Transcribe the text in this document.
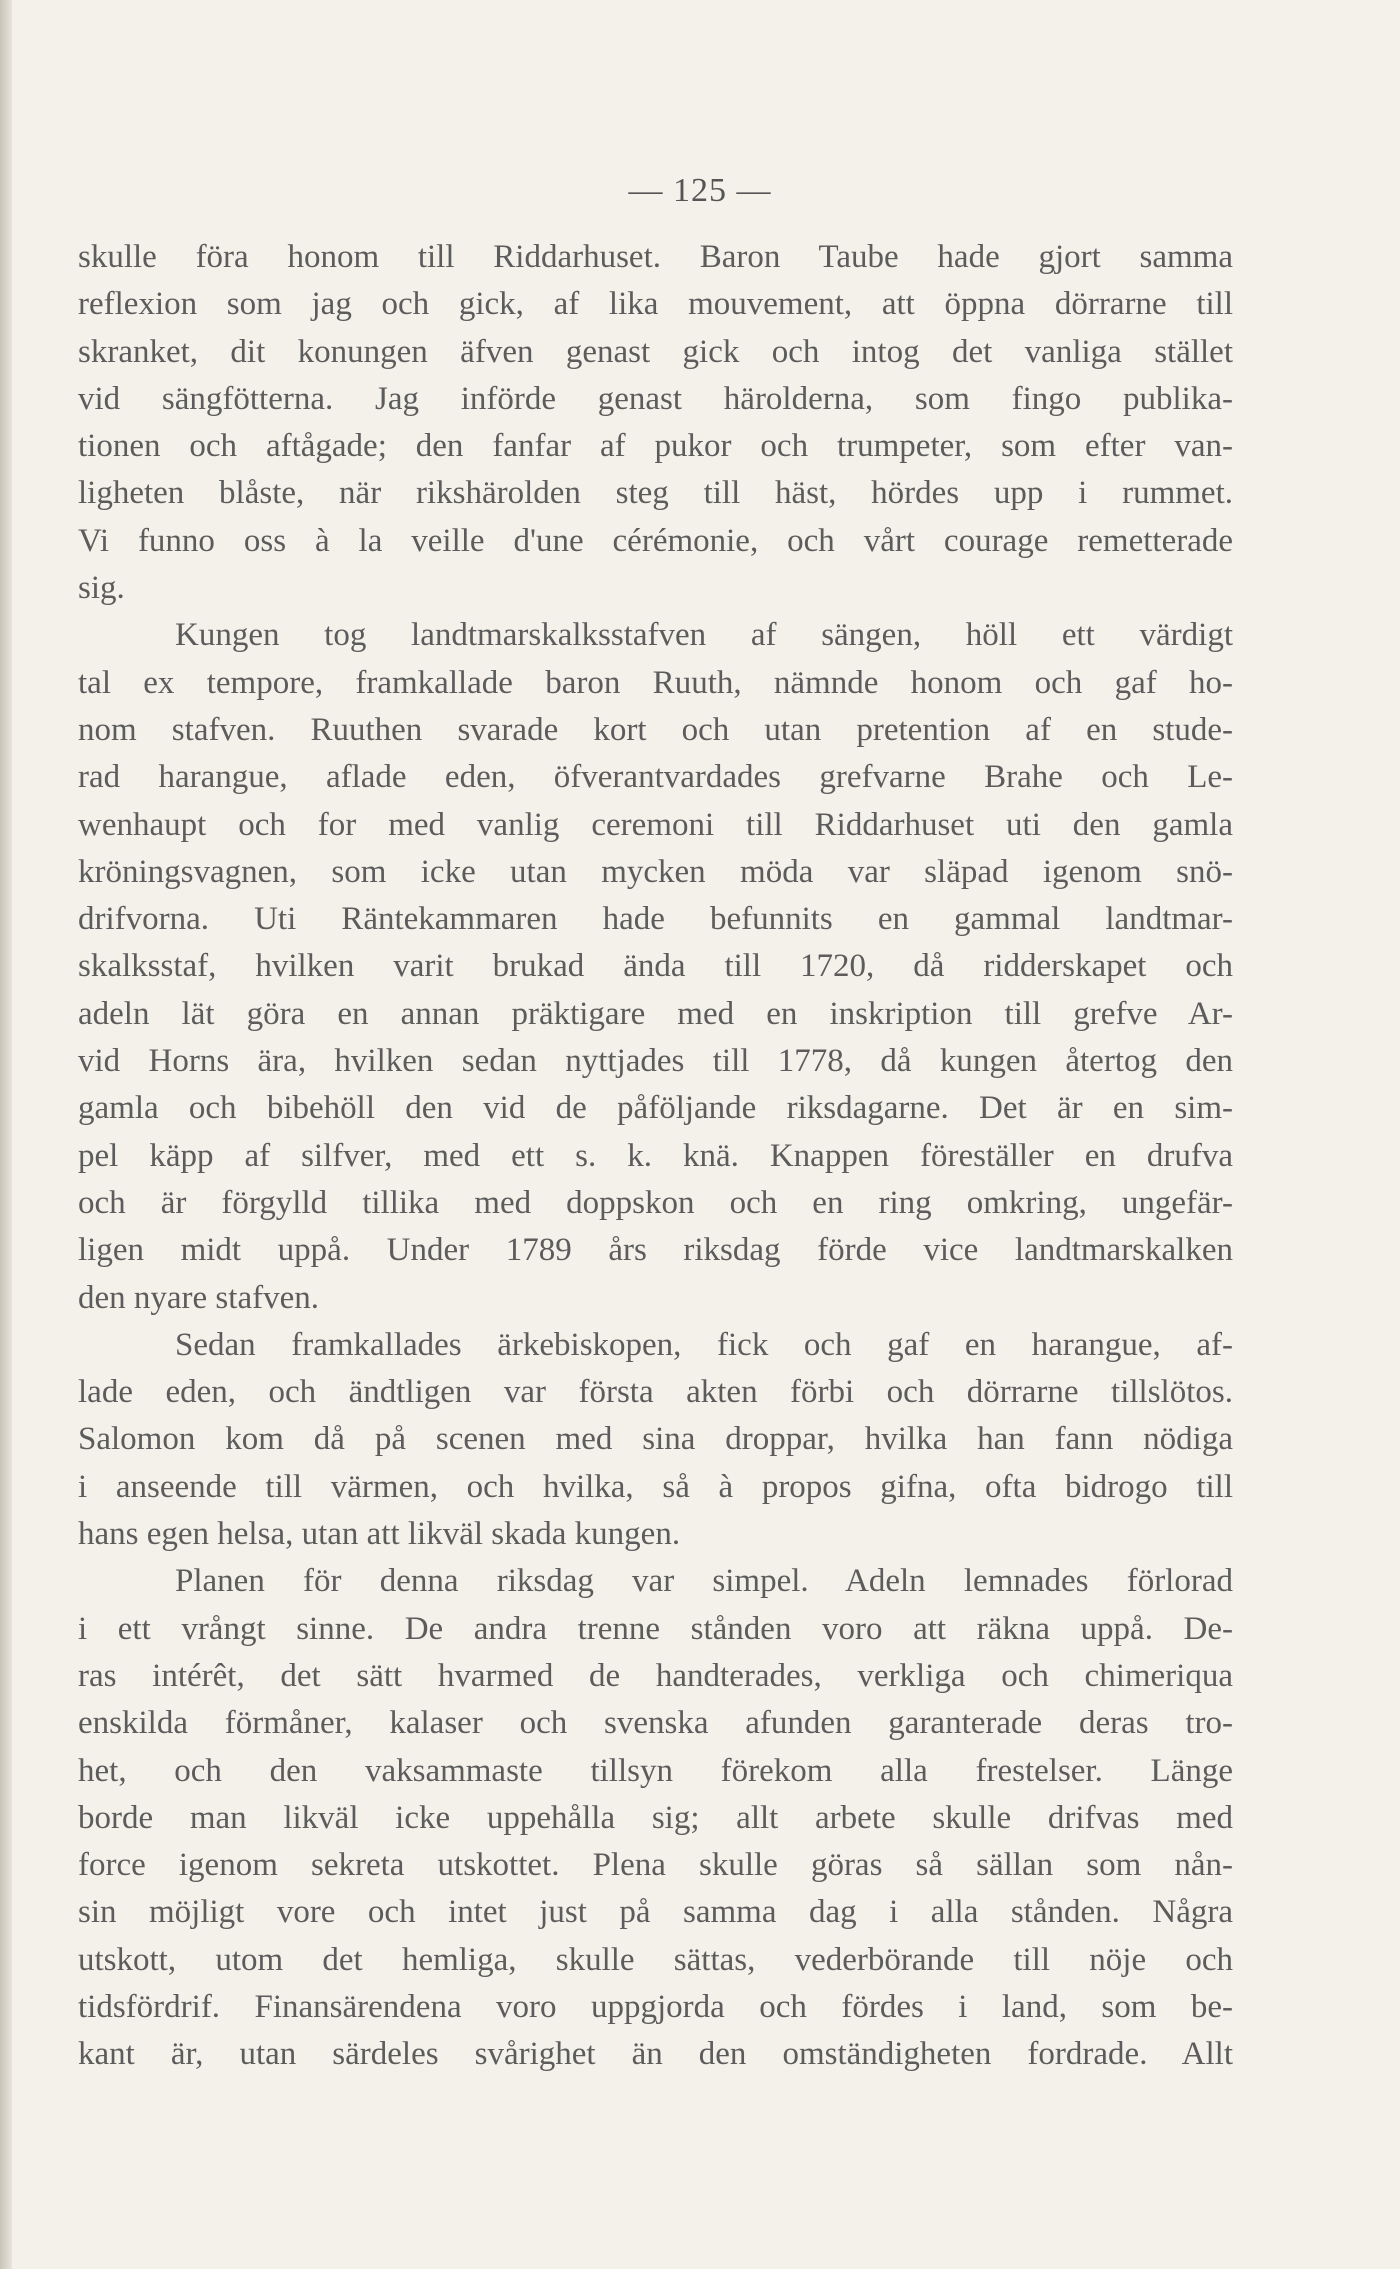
— 125 —
skulle föra honom till Riddarhuset. Baron Taube hade gjort samma
reflexion som jag och gick, af lika mouvement, att öppna dörrarne till
skranket, dit konungen äfven genast gick och intog det vanliga stället
vid sängfötterna. Jag införde genast härolderna, som fingo publika-
tionen och aftågade; den fanfar af pukor och trumpeter, som efter van-
ligheten blåste, när rikshärolden steg till häst, hördes upp i rummet.
Vi funno oss à la veille d'une cérémonie, och vårt courage remetterade
sig.
Kungen tog landtmarskalksstafven af sängen, höll ett värdigt
tal ex tempore, framkallade baron Ruuth, nämnde honom och gaf ho-
nom stafven. Ruuthen svarade kort och utan pretention af en stude-
rad harangue, aflade eden, öfverantvardades grefvarne Brahe och Le-
wenhaupt och for med vanlig ceremoni till Riddarhuset uti den gamla
kröningsvagnen, som icke utan mycken möda var släpad igenom snö-
drifvorna. Uti Räntekammaren hade befunnits en gammal landtmar-
skalksstaf, hvilken varit brukad ända till 1720, då ridderskapet och
adeln lät göra en annan präktigare med en inskription till grefve Ar-
vid Horns ära, hvilken sedan nyttjades till 1778, då kungen återtog den
gamla och bibehöll den vid de påföljande riksdagarne. Det är en sim-
pel käpp af silfver, med ett s. k. knä. Knappen föreställer en drufva
och är förgylld tillika med doppskon och en ring omkring, ungefär-
ligen midt uppå. Under 1789 års riksdag förde vice landtmarskalken
den nyare stafven.
Sedan framkallades ärkebiskopen, fick och gaf en harangue, af-
lade eden, och ändtligen var första akten förbi och dörrarne tillslötos.
Salomon kom då på scenen med sina droppar, hvilka han fann nödiga
i anseende till värmen, och hvilka, så à propos gifna, ofta bidrogo till
hans egen helsa, utan att likväl skada kungen.
Planen för denna riksdag var simpel. Adeln lemnades förlorad
i ett vrångt sinne. De andra trenne stånden voro att räkna uppå. De-
ras intérêt, det sätt hvarmed de handterades, verkliga och chimeriqua
enskilda förmåner, kalaser och svenska afunden garanterade deras tro-
het, och den vaksammaste tillsyn förekom alla frestelser. Länge
borde man likväl icke uppehålla sig; allt arbete skulle drifvas med
force igenom sekreta utskottet. Plena skulle göras så sällan som nån-
sin möjligt vore och intet just på samma dag i alla stånden. Några
utskott, utom det hemliga, skulle sättas, vederbörande till nöje och
tidsfördrif. Finansärendena voro uppgjorda och fördes i land, som be-
kant är, utan särdeles svårighet än den omständigheten fordrade. Allt
